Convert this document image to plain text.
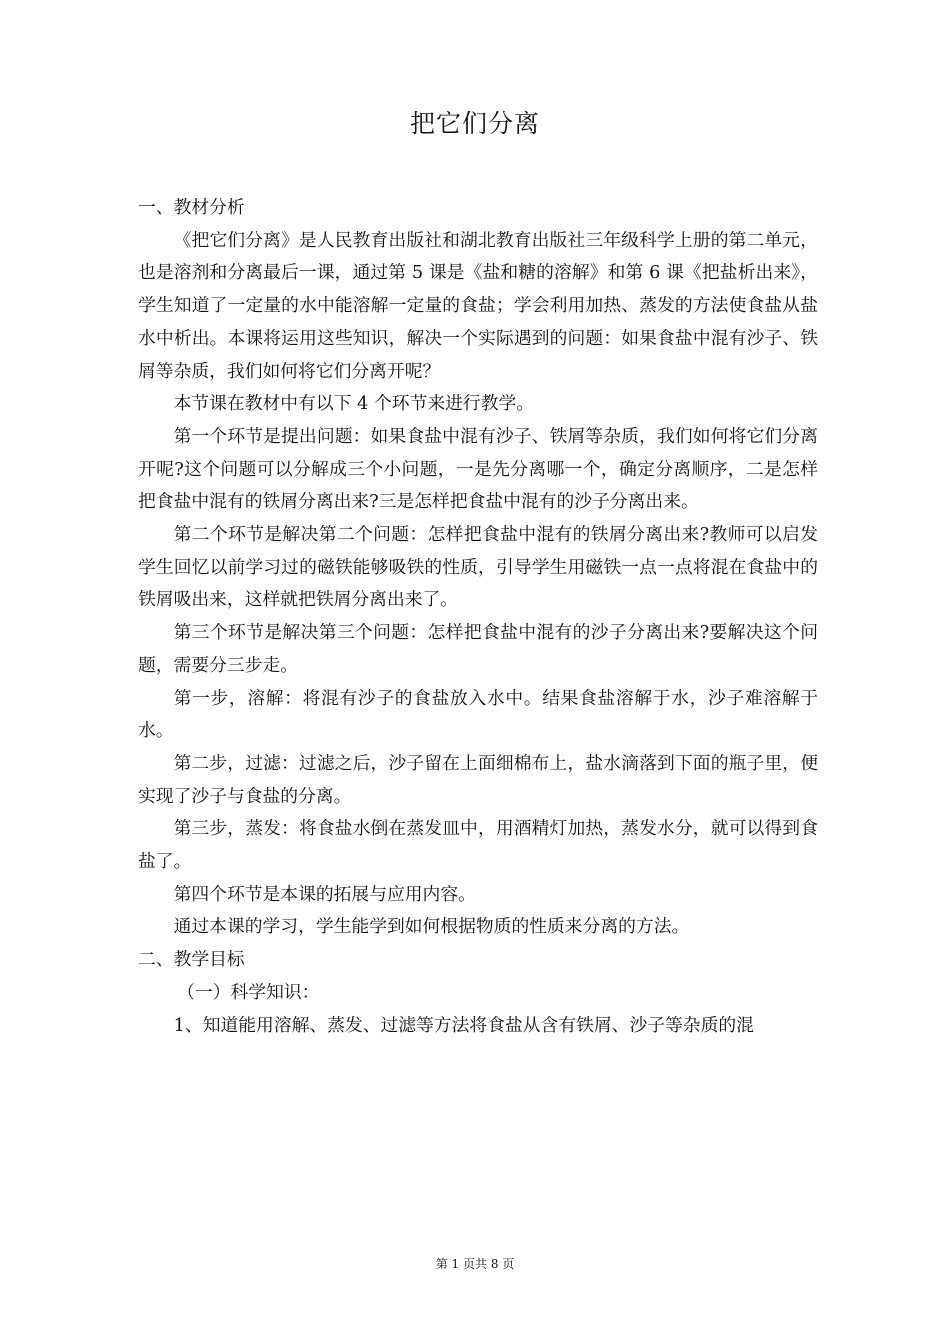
把它们分离

一、教材分析

《把它们分离》是人民教育出版社和湖北教育出版社三年级科学上册的第二单元，也是溶剂和分离最后一课，通过第 5 课是《盐和糖的溶解》和第 6 课《把盐析出来》，学生知道了一定量的水中能溶解一定量的食盐；学会利用加热、蒸发的方法使食盐从盐水中析出。本课将运用这些知识，解决一个实际遇到的问题：如果食盐中混有沙子、铁屑等杂质，我们如何将它们分离开呢？

本节课在教材中有以下 4 个环节来进行教学。

第一个环节是提出问题：如果食盐中混有沙子、铁屑等杂质，我们如何将它们分离开呢?这个问题可以分解成三个小问题，一是先分离哪一个，确定分离顺序，二是怎样把食盐中混有的铁屑分离出来?三是怎样把食盐中混有的沙子分离出来。

第二个环节是解决第二个问题：怎样把食盐中混有的铁屑分离出来?教师可以启发学生回忆以前学习过的磁铁能够吸铁的性质，引导学生用磁铁一点一点将混在食盐中的铁屑吸出来，这样就把铁屑分离出来了。

第三个环节是解决第三个问题：怎样把食盐中混有的沙子分离出来?要解决这个问题，需要分三步走。

第一步，溶解：将混有沙子的食盐放入水中。结果食盐溶解于水，沙子难溶解于水。

第二步，过滤：过滤之后，沙子留在上面细棉布上，盐水滴落到下面的瓶子里，便实现了沙子与食盐的分离。

第三步，蒸发：将食盐水倒在蒸发皿中，用酒精灯加热，蒸发水分，就可以得到食盐了。

第四个环节是本课的拓展与应用内容。

通过本课的学习，学生能学到如何根据物质的性质来分离的方法。

二、教学目标

（一）科学知识：

1、知道能用溶解、蒸发、过滤等方法将食盐从含有铁屑、沙子等杂质的混

第 1 页共 8 页
